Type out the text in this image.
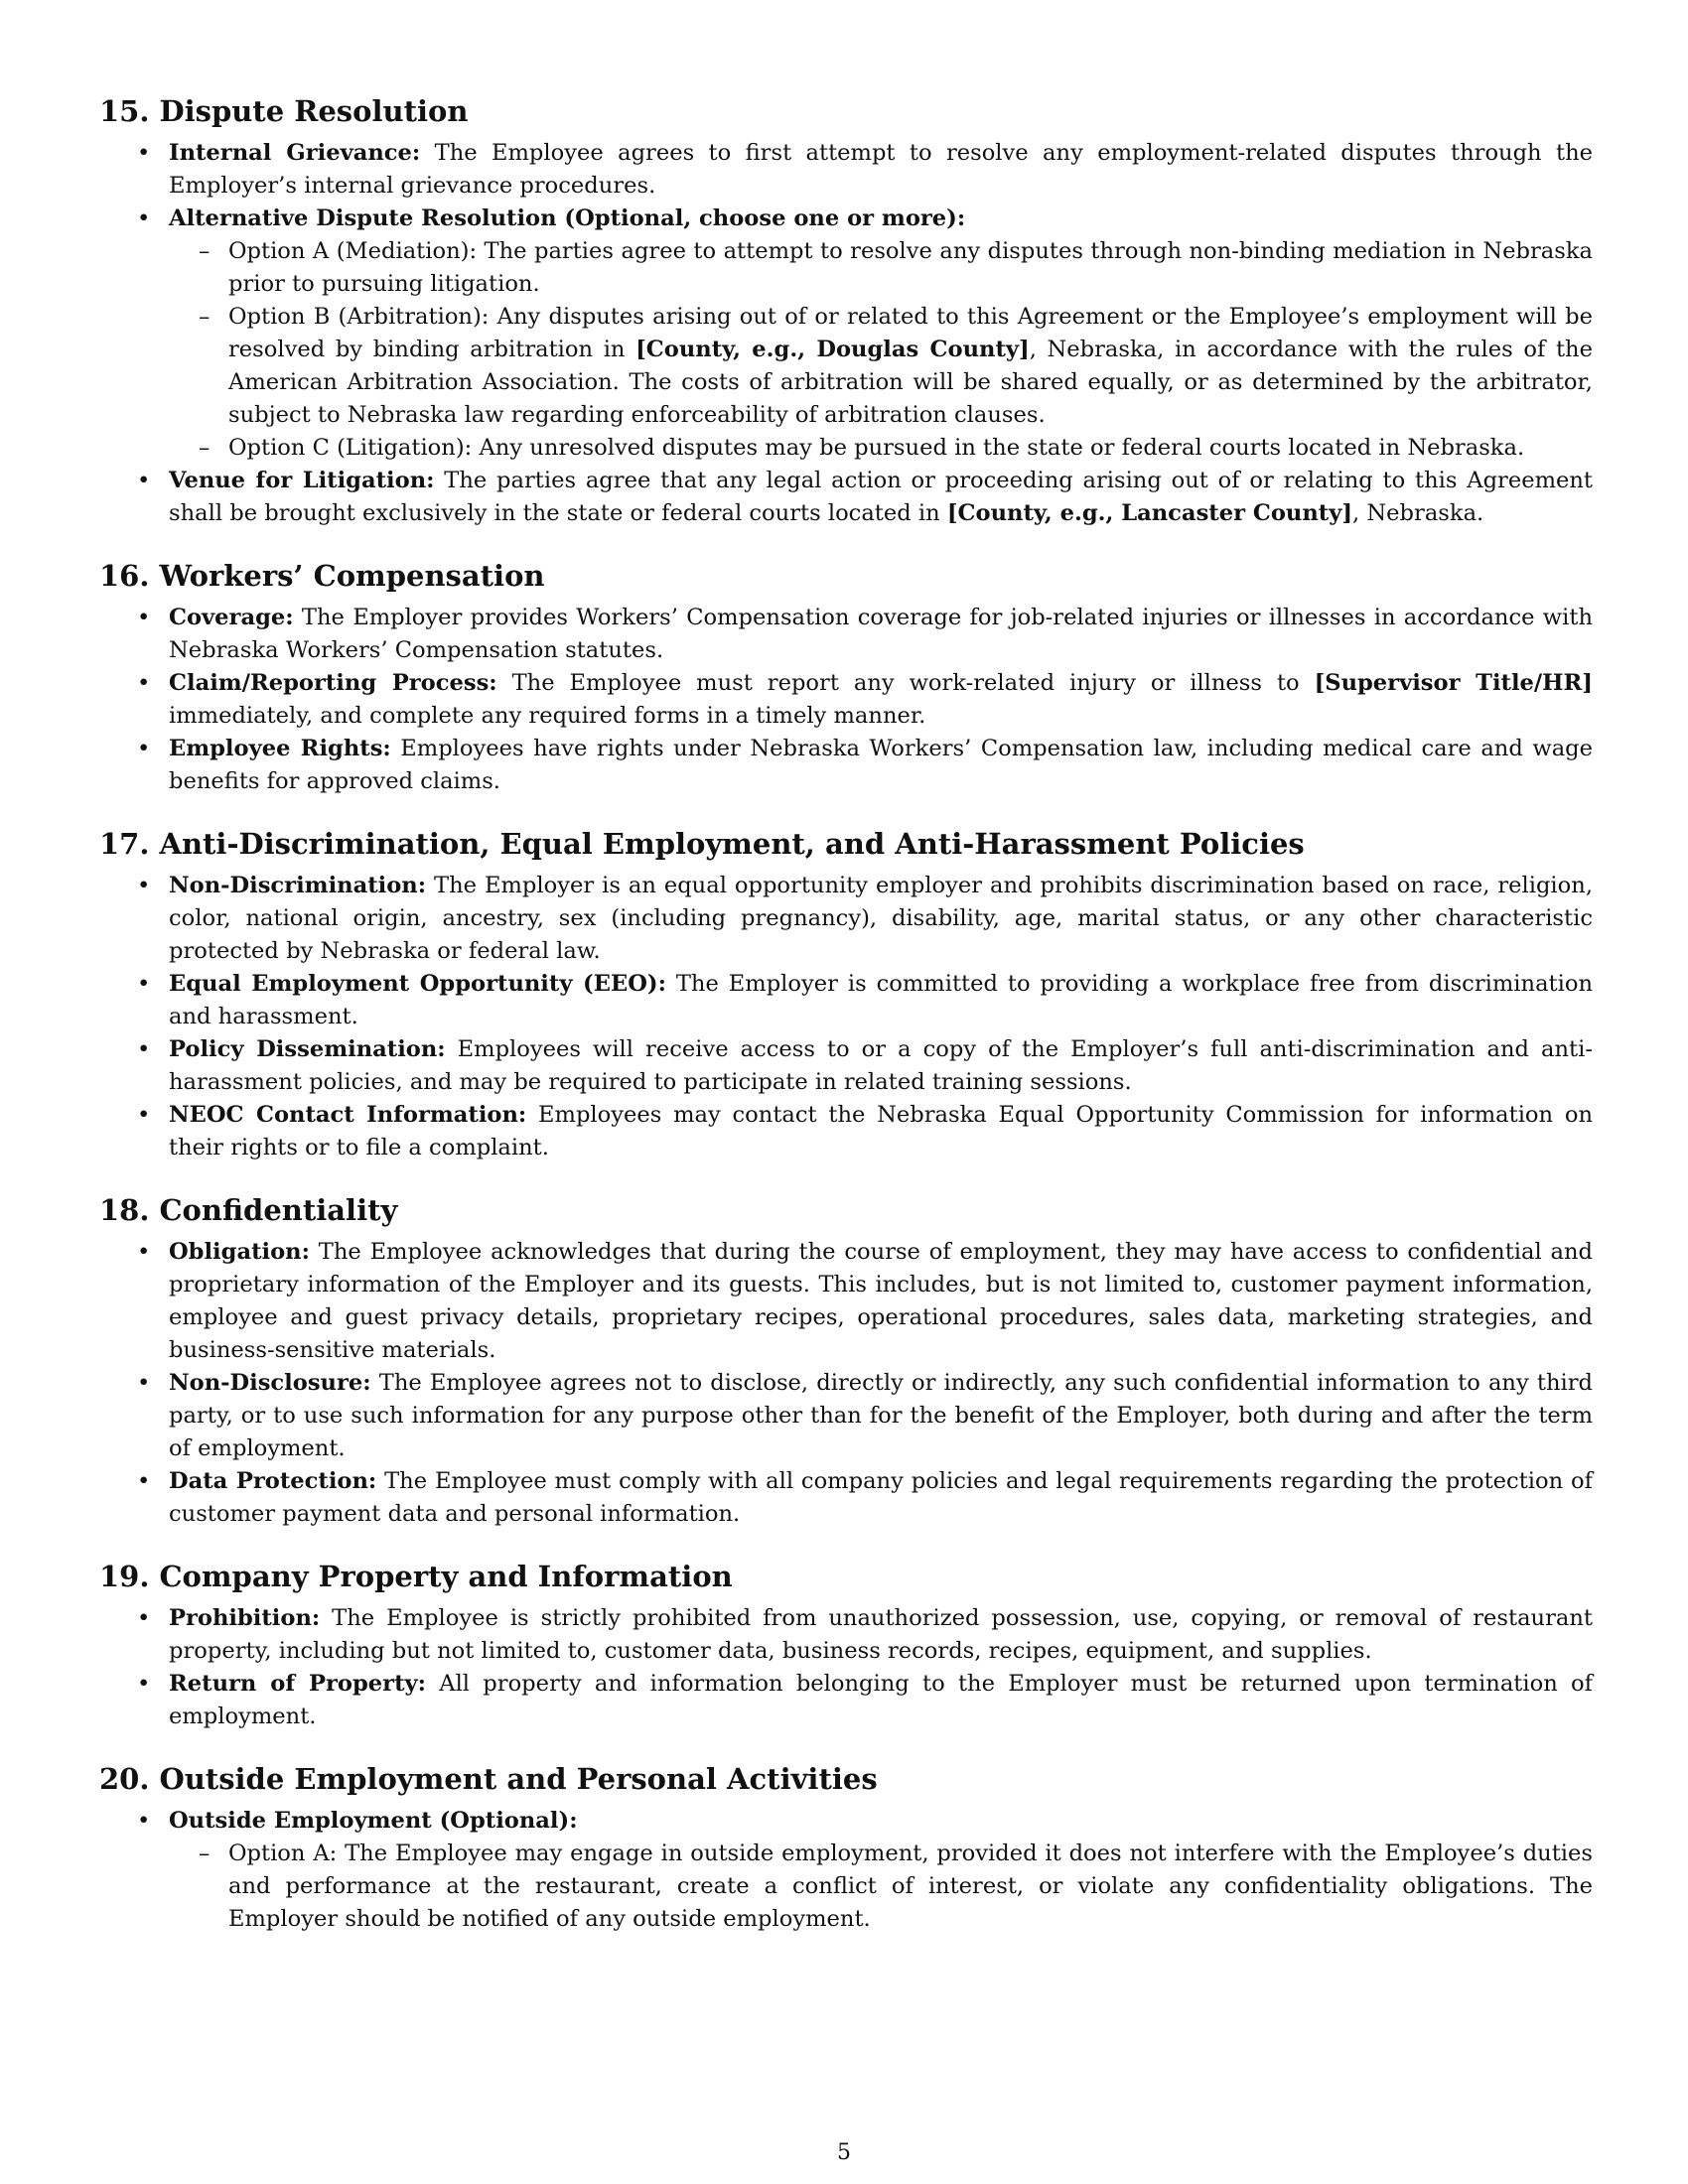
15. Dispute Resolution
• Internal Grievance: The Employee agrees to first attempt to resolve any employment-related disputes through the Employer’s internal grievance procedures.
• Alternative Dispute Resolution (Optional, choose one or more):
– Option A (Mediation): The parties agree to attempt to resolve any disputes through non-binding mediation in Nebraska prior to pursuing litigation.
– Option B (Arbitration): Any disputes arising out of or related to this Agreement or the Employee’s employment will be resolved by binding arbitration in [County, e.g., Douglas County], Nebraska, in accordance with the rules of the American Arbitration Association. The costs of arbitration will be shared equally, or as determined by the arbitrator, subject to Nebraska law regarding enforceability of arbitration clauses.
– Option C (Litigation): Any unresolved disputes may be pursued in the state or federal courts located in Nebraska.
• Venue for Litigation: The parties agree that any legal action or proceeding arising out of or relating to this Agreement shall be brought exclusively in the state or federal courts located in [County, e.g., Lancaster County], Nebraska.
16. Workers’ Compensation
• Coverage: The Employer provides Workers’ Compensation coverage for job-related injuries or illnesses in accordance with Nebraska Workers’ Compensation statutes.
• Claim/Reporting Process: The Employee must report any work-related injury or illness to [Supervisor Title/HR] immediately, and complete any required forms in a timely manner.
• Employee Rights: Employees have rights under Nebraska Workers’ Compensation law, including medical care and wage benefits for approved claims.
17. Anti-Discrimination, Equal Employment, and Anti-Harassment Policies
• Non-Discrimination: The Employer is an equal opportunity employer and prohibits discrimination based on race, religion, color, national origin, ancestry, sex (including pregnancy), disability, age, marital status, or any other characteristic protected by Nebraska or federal law.
• Equal Employment Opportunity (EEO): The Employer is committed to providing a workplace free from discrimination and harassment.
• Policy Dissemination: Employees will receive access to or a copy of the Employer’s full anti-discrimination and anti-harassment policies, and may be required to participate in related training sessions.
• NEOC Contact Information: Employees may contact the Nebraska Equal Opportunity Commission for information on their rights or to file a complaint.
18. Confidentiality
• Obligation: The Employee acknowledges that during the course of employment, they may have access to confidential and proprietary information of the Employer and its guests. This includes, but is not limited to, customer payment information, employee and guest privacy details, proprietary recipes, operational procedures, sales data, marketing strategies, and business-sensitive materials.
• Non-Disclosure: The Employee agrees not to disclose, directly or indirectly, any such confidential information to any third party, or to use such information for any purpose other than for the benefit of the Employer, both during and after the term of employment.
• Data Protection: The Employee must comply with all company policies and legal requirements regarding the protection of customer payment data and personal information.
19. Company Property and Information
• Prohibition: The Employee is strictly prohibited from unauthorized possession, use, copying, or removal of restaurant property, including but not limited to, customer data, business records, recipes, equipment, and supplies.
• Return of Property: All property and information belonging to the Employer must be returned upon termination of employment.
20. Outside Employment and Personal Activities
• Outside Employment (Optional):
– Option A: The Employee may engage in outside employment, provided it does not interfere with the Employee’s duties and performance at the restaurant, create a conflict of interest, or violate any confidentiality obligations. The Employer should be notified of any outside employment.
5
